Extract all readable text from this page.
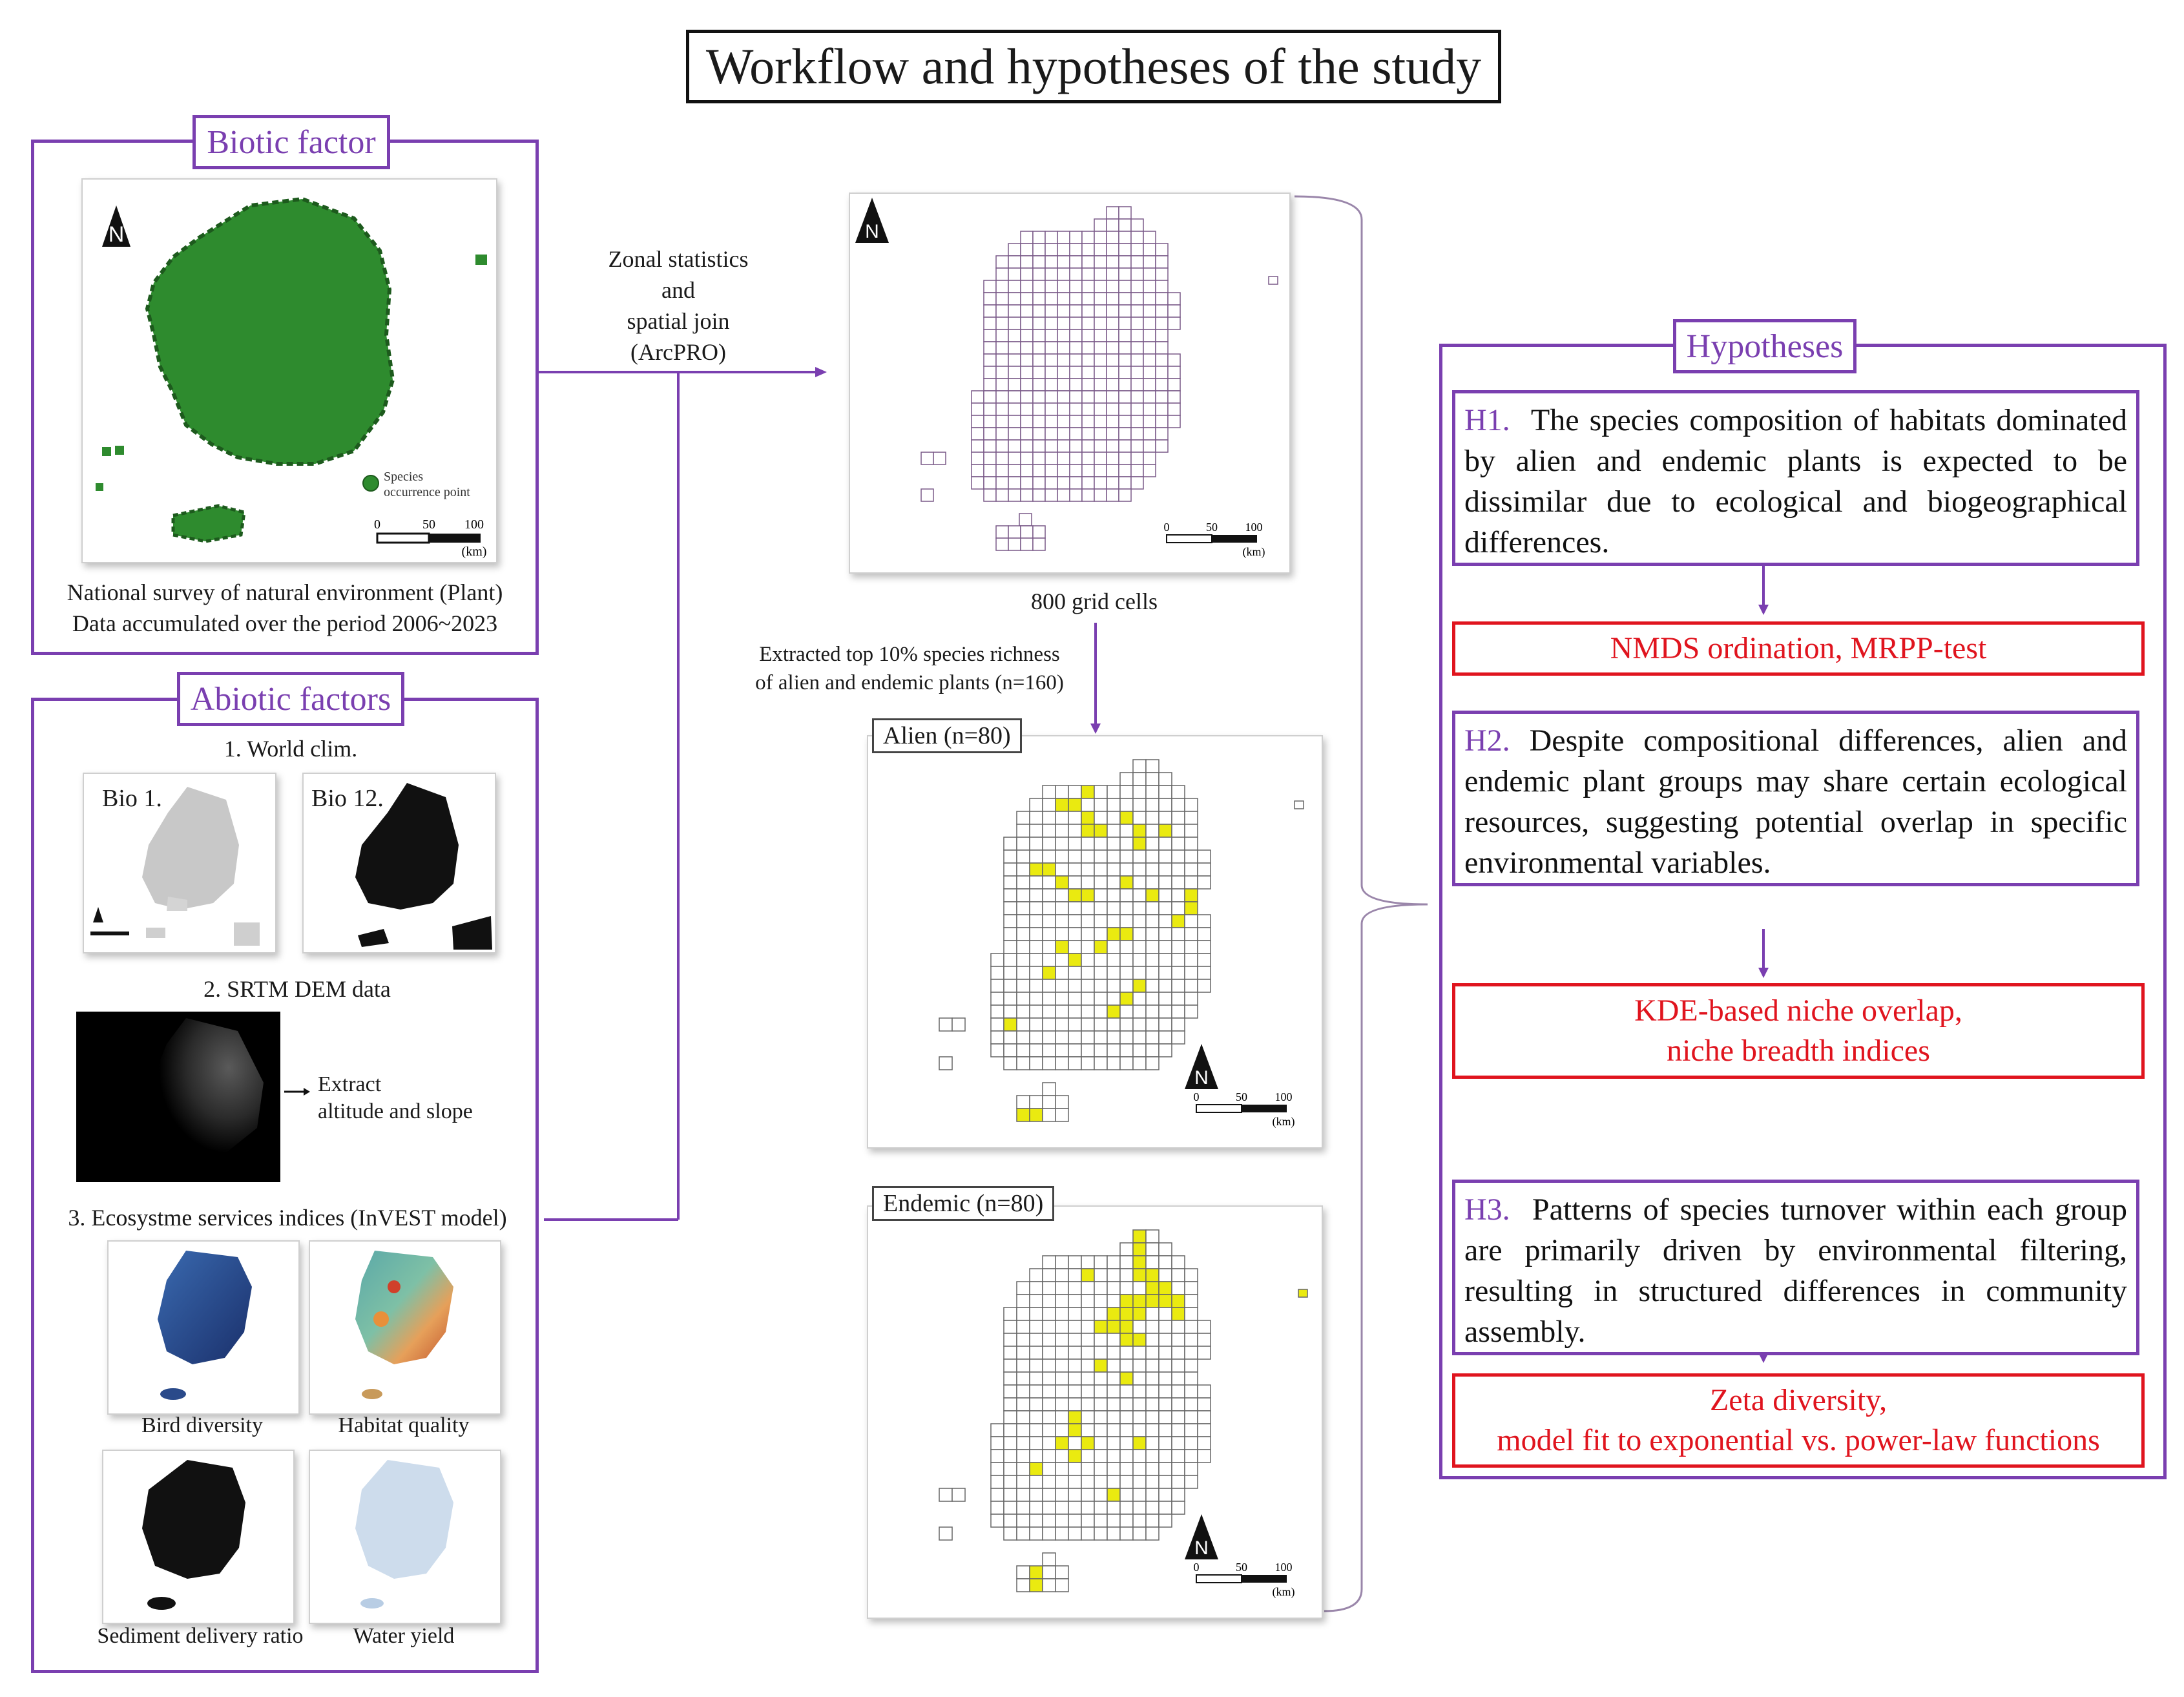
Workflow and hypotheses of the study
Biotic factor
N
Species
occurrence point
0	50 100
(km)
National survey of natural environment (Plant)
Data accumulated over the period 2006~2023
Abiotic factors
1. World clim.
Bio 1.	Bio 12.
2. SRTM DEM data
Extract
altitude and slope
3. Ecosystme services indices (InVEST model)
Bird diversity	Habitat quality
Sediment delivery ratio	Water yield
Zonal statistics
and
spatial join
(ArcPRO)
N
0	50 100
(km)
800 grid cells
Extracted top 10% species richness
of alien and endemic plants (n=160)
N
0	50 100
(km)
Alien (n=80)
N
0	50 100
(km)
Endemic (n=80)
Hypotheses
H1. The species composition of habitats dominated by alien and endemic plants is expected to be dissimilar due to ecological and biogeographical differences.
NMDS ordination, MRPP-test
H2. Despite compositional differences, alien and endemic plant groups may share certain ecological resources, suggesting potential overlap in specific environmental variables.
KDE-based niche overlap,
niche breadth indices
H3. Patterns of species turnover within each group are primarily driven by environmental filtering, resulting in structured differences in community assembly.
Zeta diversity,
model fit to exponential vs. power-law functions
